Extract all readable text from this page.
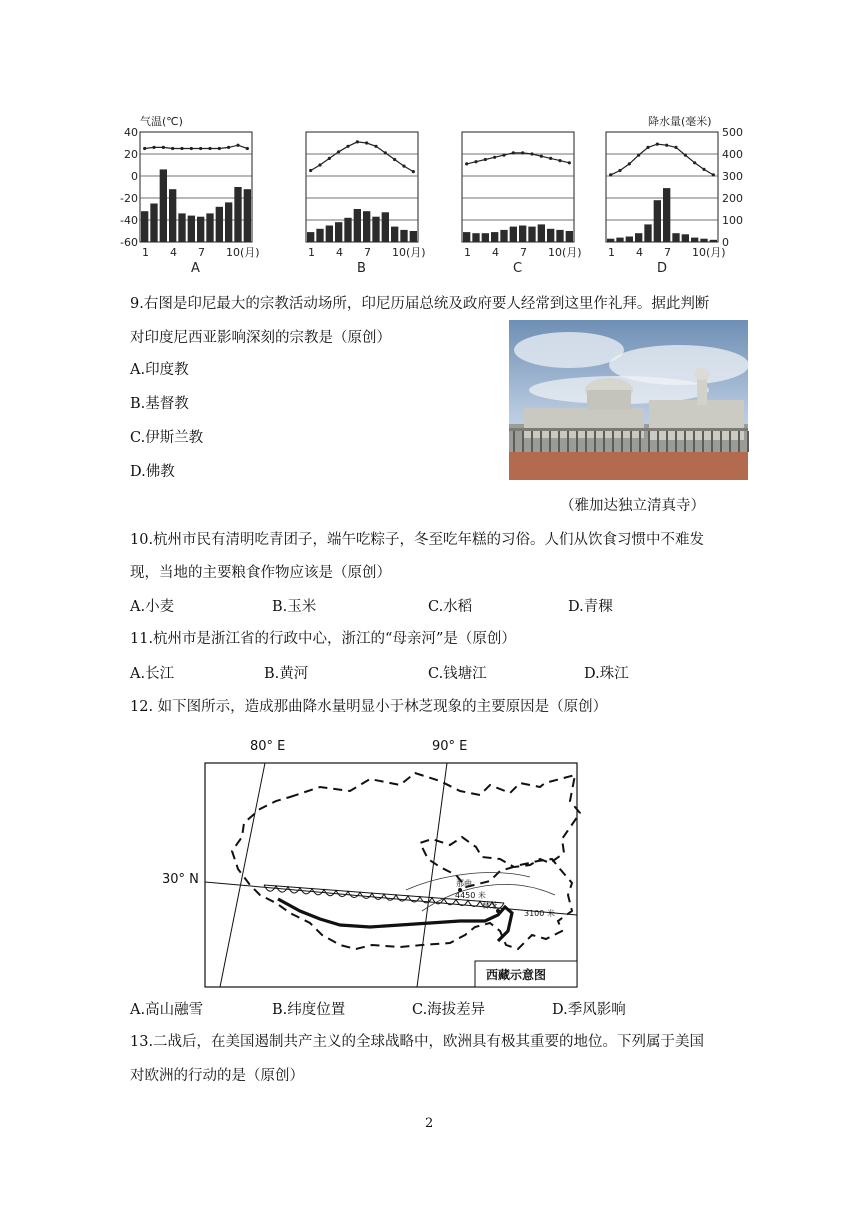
气温(℃)	降水量(毫米)
1 4 7 10(月)
A
1 4 7 10(月)
B
1 4 7 10(月)
C
1 4 7 10(月)
D
40
20
0
-20
-40
-60
500
400
300
200
100
0
9.右图是印尼最大的宗教活动场所，印尼历届总统及政府要人经常到这里作礼拜。据此判断
对印度尼西亚影响深刻的宗教是（原创）
A.印度教
B.基督教
C.伊斯兰教
D.佛教
（雅加达独立清真寺）
10.杭州市民有清明吃青团子，端午吃粽子，冬至吃年糕的习俗。人们从饮食习惯中不难发
现，当地的主要粮食作物应该是（原创）
A.小麦	B.玉米	C.水稻	D.青稞
11.杭州市是浙江省的行政中心，浙江的“母亲河”是（原创）
A.长江	B.黄河	C.钱塘江	D.珠江
12. 如下图所示，造成那曲降水量明显小于林芝现象的主要原因是（原创）
80° E	90° E
30° N	那曲
4450 米
林芝
3100 米
西藏示意图
A.高山融雪	B.纬度位置	C.海拔差异	D.季风影响
13.二战后，在美国遏制共产主义的全球战略中，欧洲具有极其重要的地位。下列属于美国
对欧洲的行动的是（原创）
2
